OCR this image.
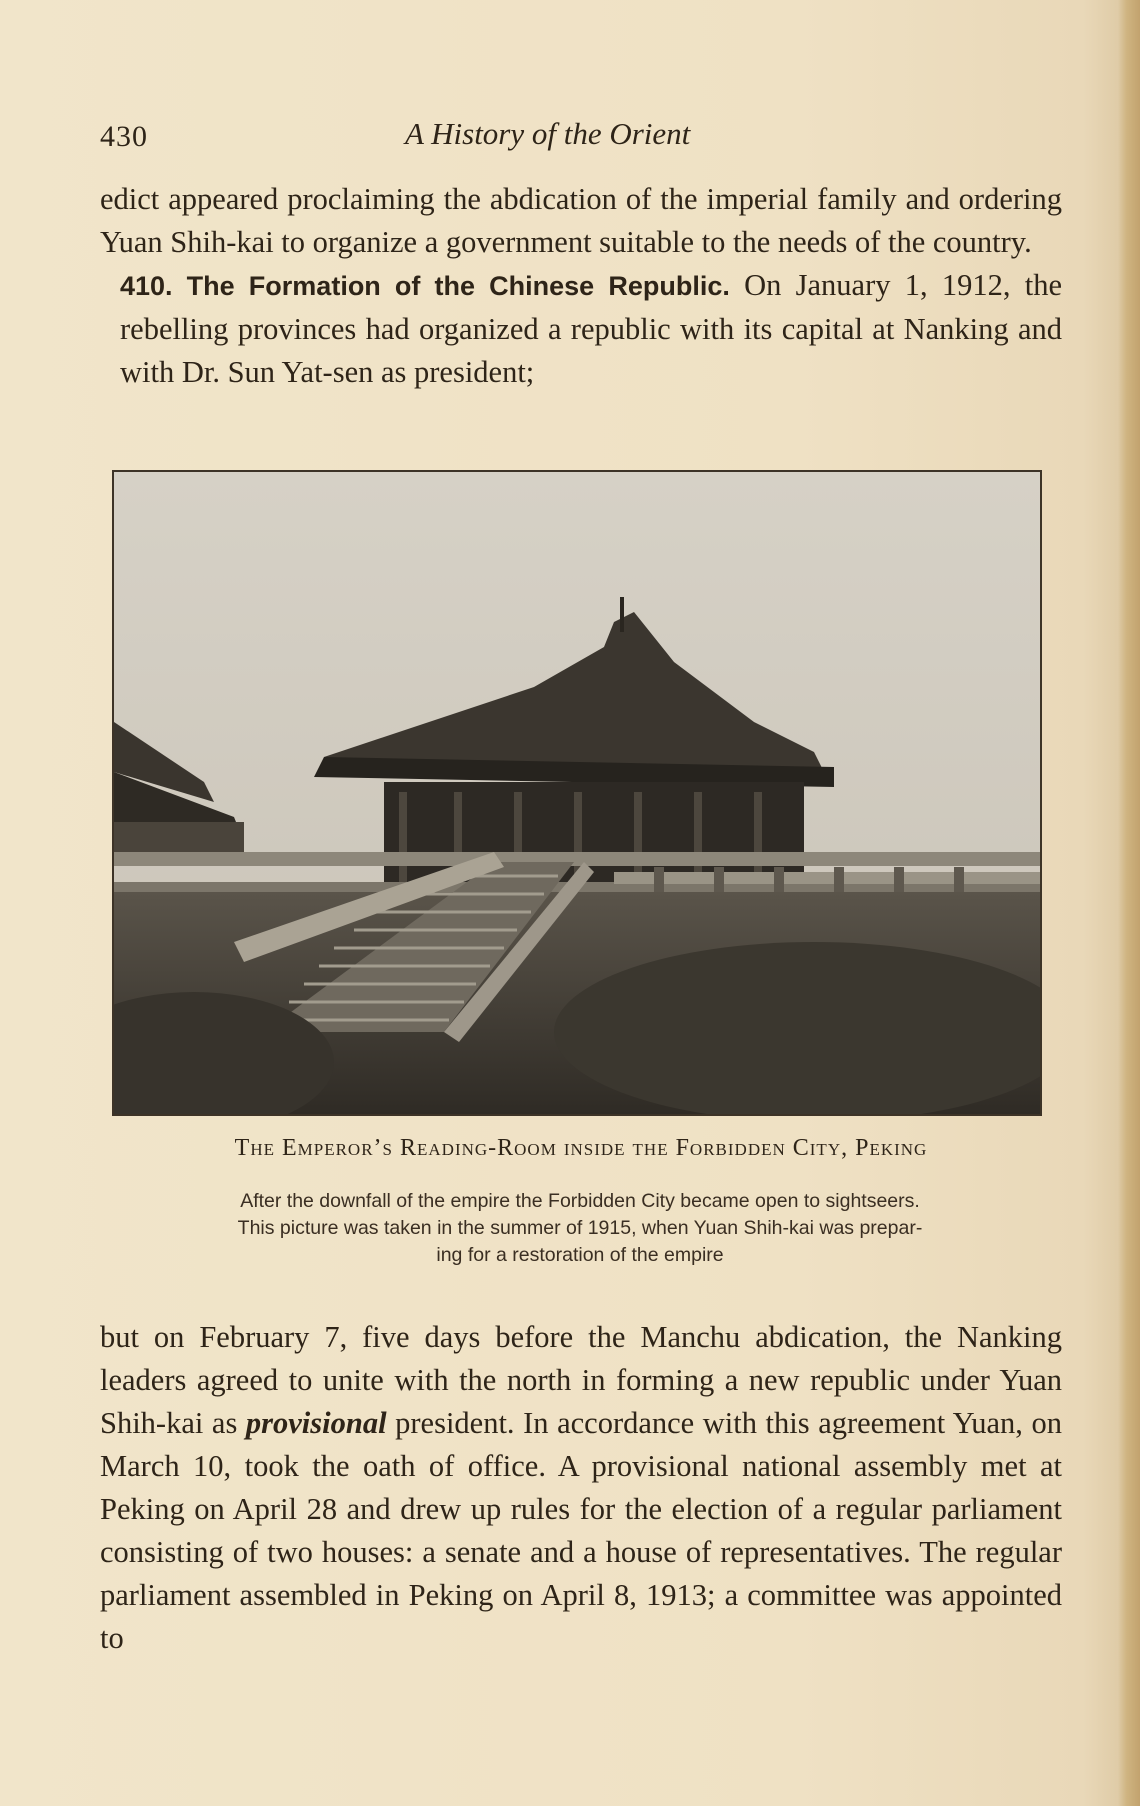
430	A History of the Orient

edict appeared proclaiming the abdication of the imperial family and ordering Yuan Shih-kai to organize a government suitable to the needs of the country.

410. The Formation of the Chinese Republic. On January 1, 1912, the rebelling provinces had organized a republic with its capital at Nanking and with Dr. Sun Yat-sen as president;

The Emperor’s Reading-Room inside the Forbidden City, Peking
After the downfall of the empire the Forbidden City became open to sightseers.
This picture was taken in the summer of 1915, when Yuan Shih-kai was prepar-
ing for a restoration of the empire

but on February 7, five days before the Manchu abdication, the Nanking leaders agreed to unite with the north in forming a new republic under Yuan Shih-kai as provisional president. In accordance with this agreement Yuan, on March 10, took the oath of office. A provisional national assembly met at Peking on April 28 and drew up rules for the election of a regular parliament consisting of two houses: a senate and a house of representatives. The regular parliament assembled in Peking on April 8, 1913; a committee was appointed to
